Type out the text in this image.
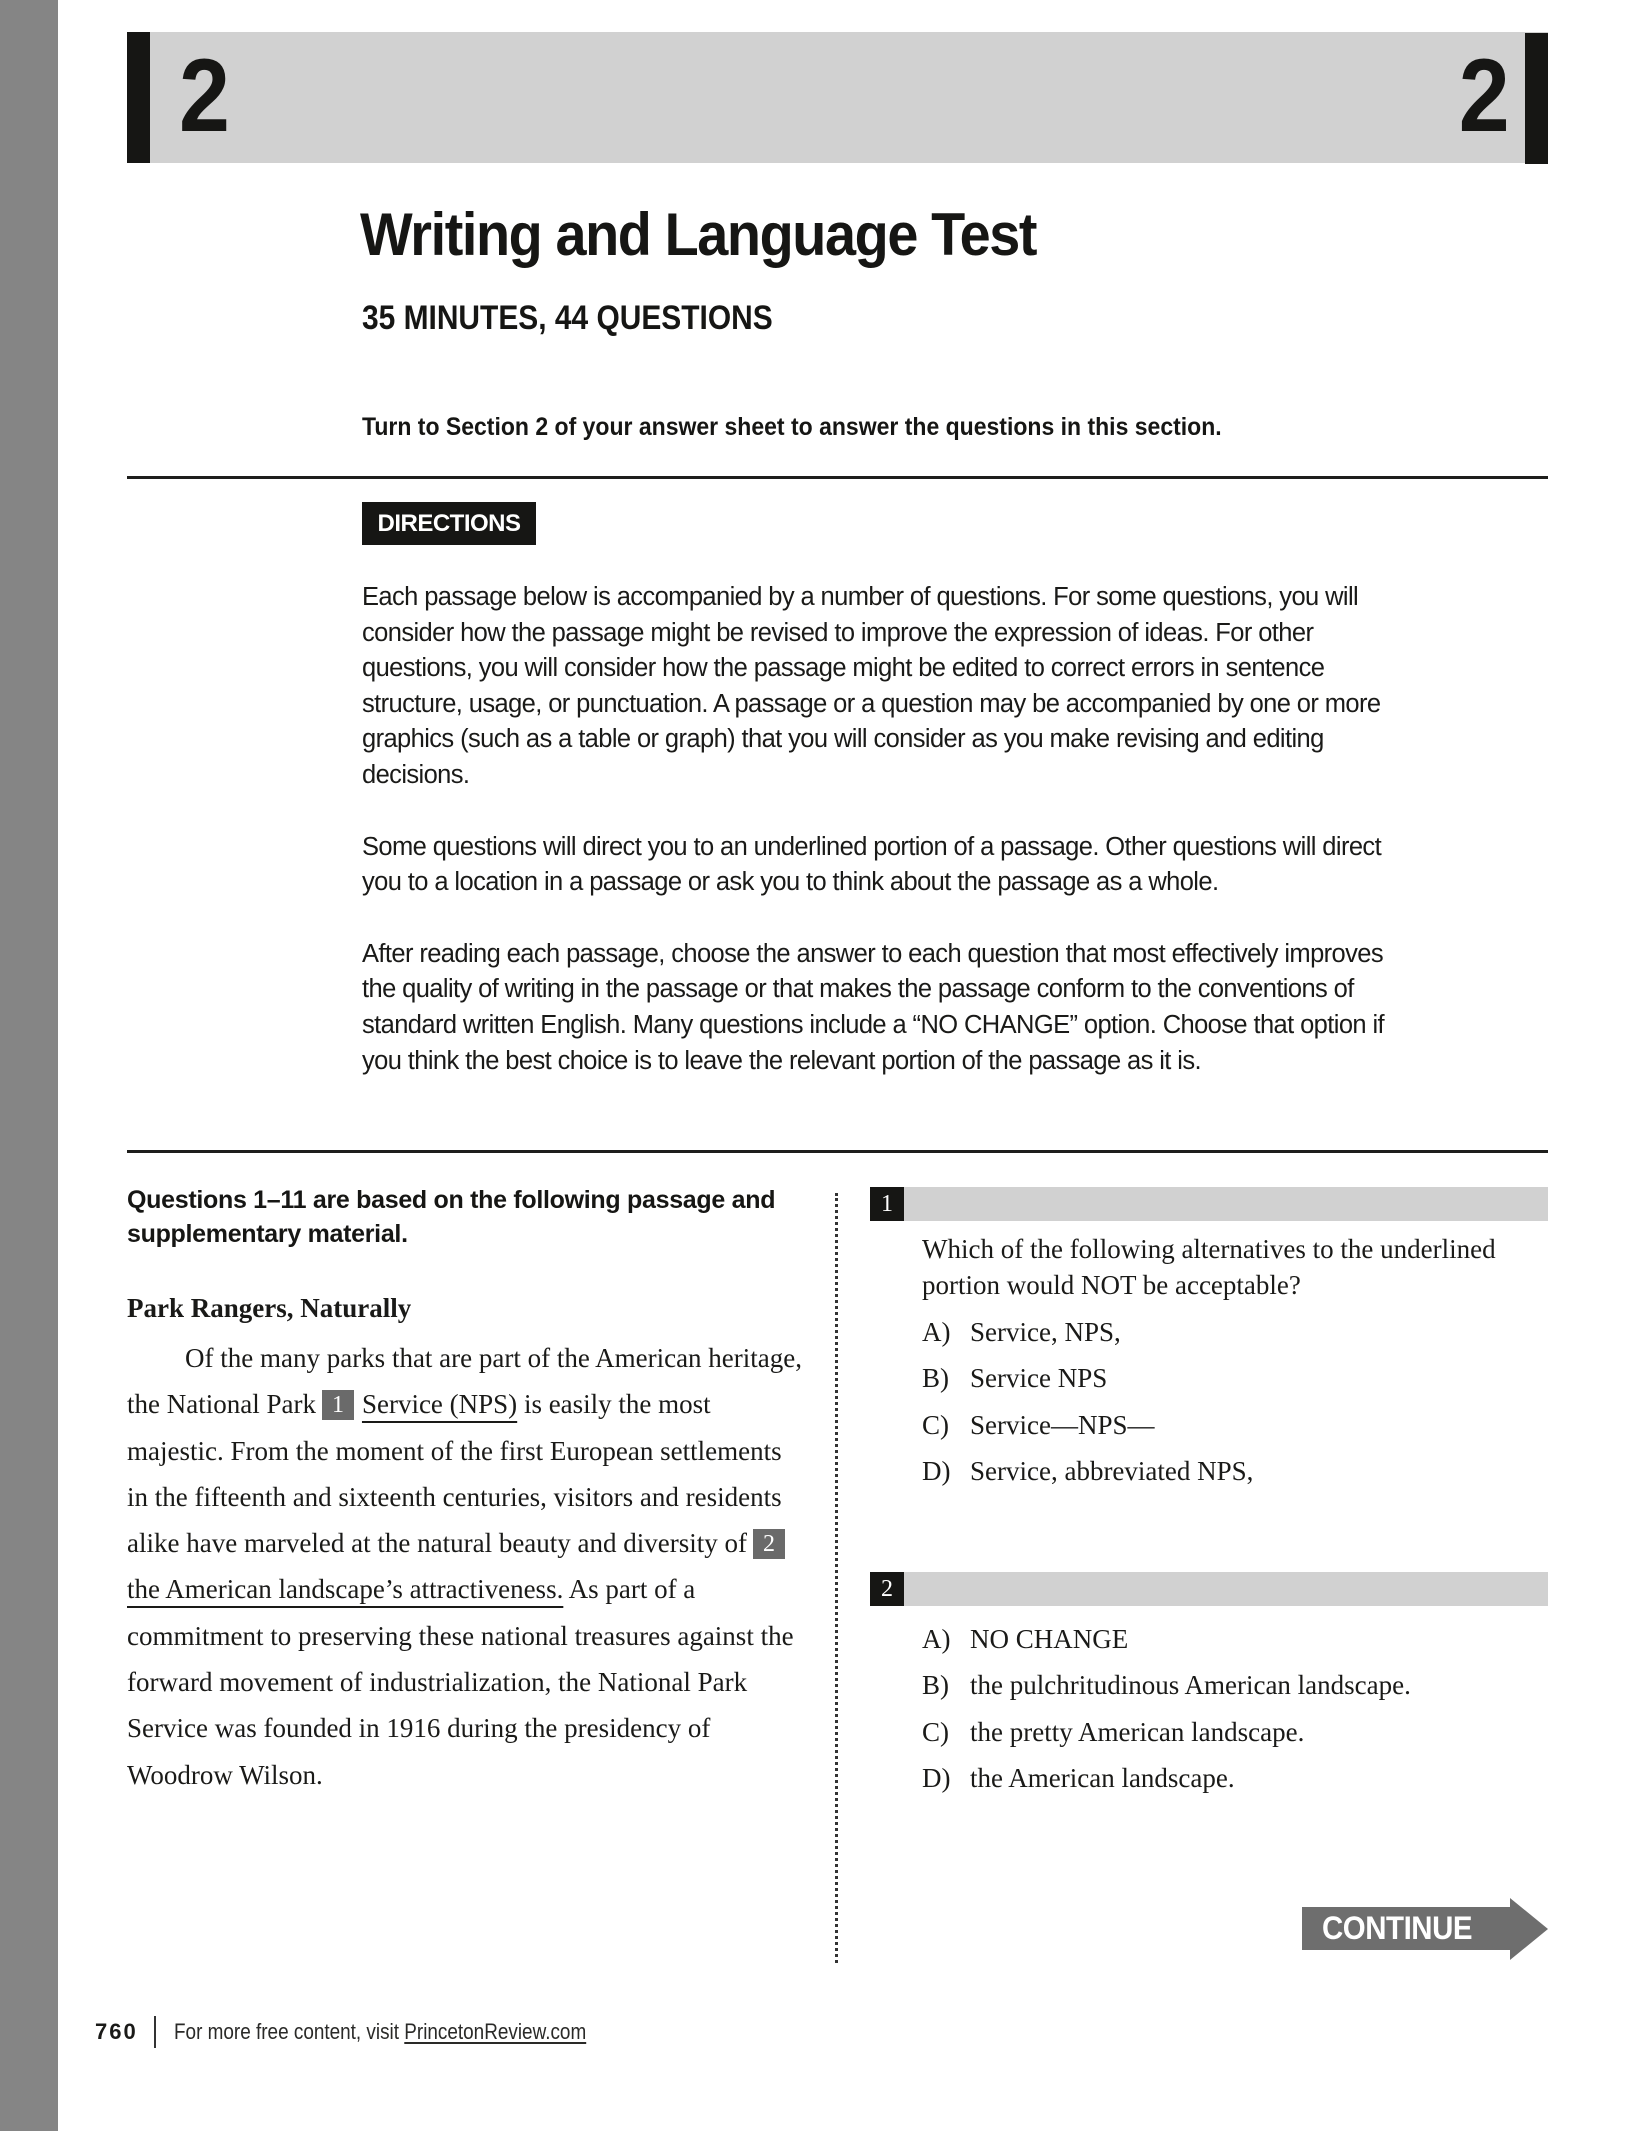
2	2
Writing and Language Test
35 MINUTES, 44 QUESTIONS

Turn to Section 2 of your answer sheet to answer the questions in this section.

DIRECTIONS

Each passage below is accompanied by a number of questions. For some questions, you will consider how the passage might be revised to improve the expression of ideas. For other questions, you will consider how the passage might be edited to correct errors in sentence structure, usage, or punctuation. A passage or a question may be accompanied by one or more graphics (such as a table or graph) that you will consider as you make revising and editing decisions.

Some questions will direct you to an underlined portion of a passage. Other questions will direct you to a location in a passage or ask you to think about the passage as a whole.

After reading each passage, choose the answer to each question that most effectively improves the quality of writing in the passage or that makes the passage conform to the conventions of standard written English. Many questions include a “NO CHANGE” option. Choose that option if you think the best choice is to leave the relevant portion of the passage as it is.

Questions 1–11 are based on the following passage and supplementary material.

Park Rangers, Naturally

Of the many parks that are part of the American heritage, the National Park 1 Service (NPS) is easily the most majestic. From the moment of the first European settlements in the fifteenth and sixteenth centuries, visitors and residents alike have marveled at the natural beauty and diversity of 2the American landscape’s attractiveness. As part of a commitment to preserving these national treasures against the forward movement of industrialization, the National Park Service was founded in 1916 during the presidency of Woodrow Wilson.

1

Which of the following alternatives to the underlined portion would NOT be acceptable?

A) Service, NPS,
B) Service NPS
C) Service—NPS—
D) Service, abbreviated NPS,
2
A) NO CHANGE
B) the pulchritudinous American landscape.
C) the pretty American landscape.
D) the American landscape.
CONTINUE
760 For more free content, visit PrincetonReview.com
